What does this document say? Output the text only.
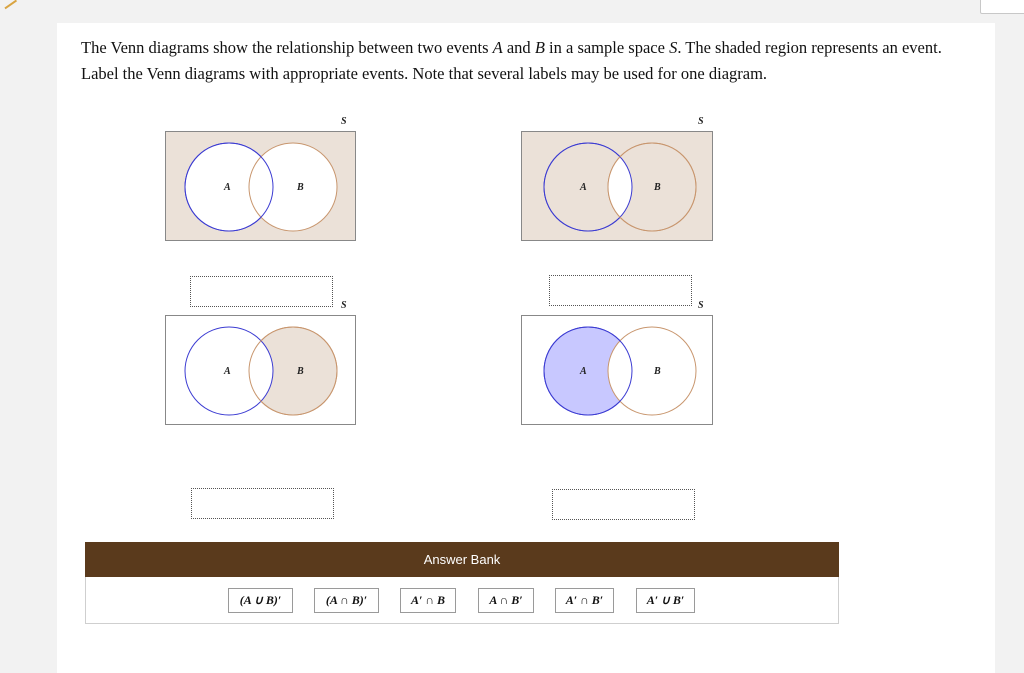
The Venn diagrams show the relationship between two events A and B in a sample space S. The shaded region represents an event. Label the Venn diagrams with appropriate events. Note that several labels may be used for one diagram.
A	B
S
A	B
S
A	B
S
A	B
S
Answer Bank
(A ∪ B)′	(A ∩ B)′	A′ ∩ B	A ∩ B′	A′ ∩ B′	A′ ∪ B′
